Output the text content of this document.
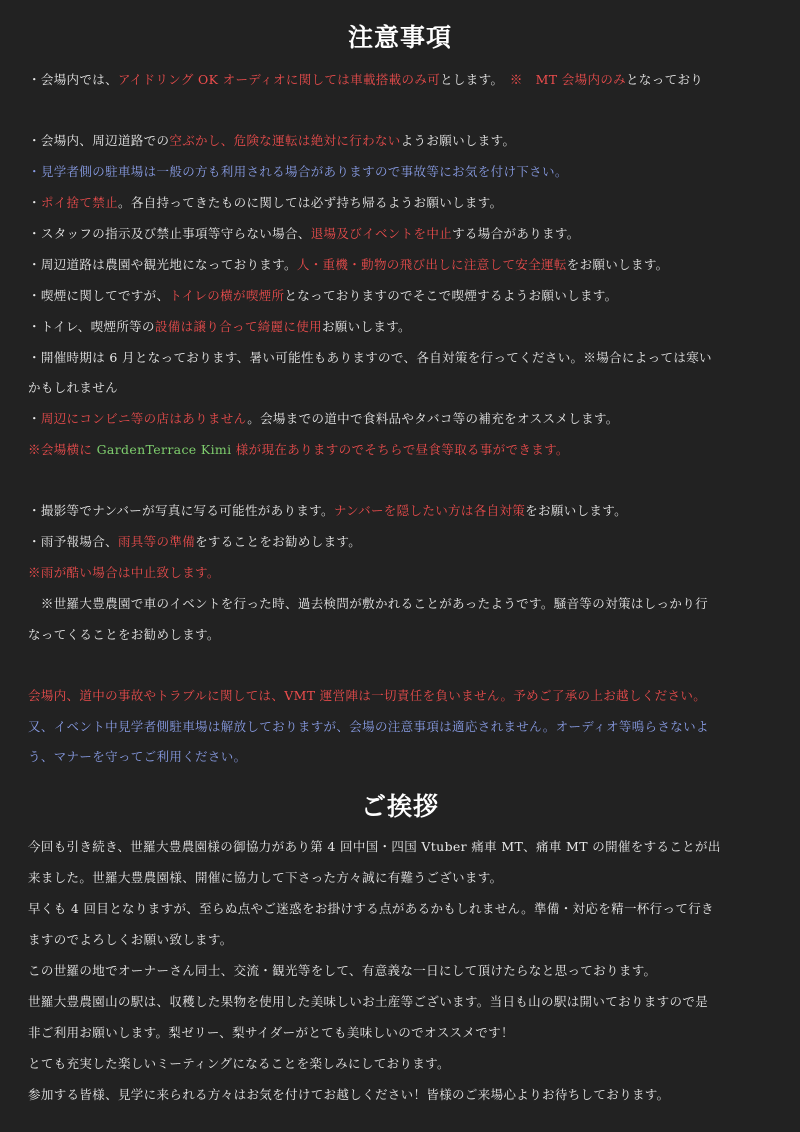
注意事項
・会場内では、アイドリング OK オーディオに関しては車載搭載のみ可とします。　※　MT 会場内のみとなっており
・会場内、周辺道路での空ぶかし、危険な運転は絶対に行わないようお願いします。
・見学者側の駐車場は一般の方も利用される場合がありますので事故等にお気を付け下さい。
・ポイ捨て禁止。各自持ってきたものに関しては必ず持ち帰るようお願いします。
・スタッフの指示及び禁止事項等守らない場合、退場及びイベントを中止する場合があります。
・周辺道路は農園や観光地になっております。人・重機・動物の飛び出しに注意して安全運転をお願いします。
・喫煙に関してですが、トイレの横が喫煙所となっておりますのでそこで喫煙するようお願いします。
・トイレ、喫煙所等の設備は譲り合って綺麗に使用お願いします。
・開催時期は 6 月となっております、暑い可能性もありますので、各自対策を行ってください。※場合によっては寒い
かもしれません
・周辺にコンビニ等の店はありません。会場までの道中で食料品やタバコ等の補充をオススメします。
※会場横に GardenTerrace Kimi 様が現在ありますのでそちらで昼食等取る事ができます。
・撮影等でナンバーが写真に写る可能性があります。ナンバーを隠したい方は各自対策をお願いします。
・雨予報場合、雨具等の準備をすることをお勧めします。
※雨が酷い場合は中止致します。
　※世羅大豊農園で車のイベントを行った時、過去検問が敷かれることがあったようです。騒音等の対策はしっかり行
なってくることをお勧めします。
会場内、道中の事故やトラブルに関しては、VMT 運営陣は一切責任を負いません。予めご了承の上お越しください。
又、イベント中見学者側駐車場は解放しておりますが、会場の注意事項は適応されません。オーディオ等鳴らさないよ
う、マナーを守ってご利用ください。
ご挨拶
今回も引き続き、世羅大豊農園様の御協力があり第 4 回中国・四国 Vtuber 痛車 MT、痛車 MT の開催をすることが出
来ました。世羅大豊農園様、開催に協力して下さった方々誠に有難うございます。
早くも 4 回目となりますが、至らぬ点やご迷惑をお掛けする点があるかもしれません。準備・対応を精一杯行って行き
ますのでよろしくお願い致します。
この世羅の地でオーナーさん同士、交流・観光等をして、有意義な一日にして頂けたらなと思っております。
世羅大豊農園山の駅は、収穫した果物を使用した美味しいお土産等ございます。当日も山の駅は開いておりますので是
非ご利用お願いします。梨ゼリー、梨サイダーがとても美味しいのでオススメです！
とても充実した楽しいミーティングになることを楽しみにしております。
参加する皆様、見学に来られる方々はお気を付けてお越しください！皆様のご来場心よりお待ちしております。
